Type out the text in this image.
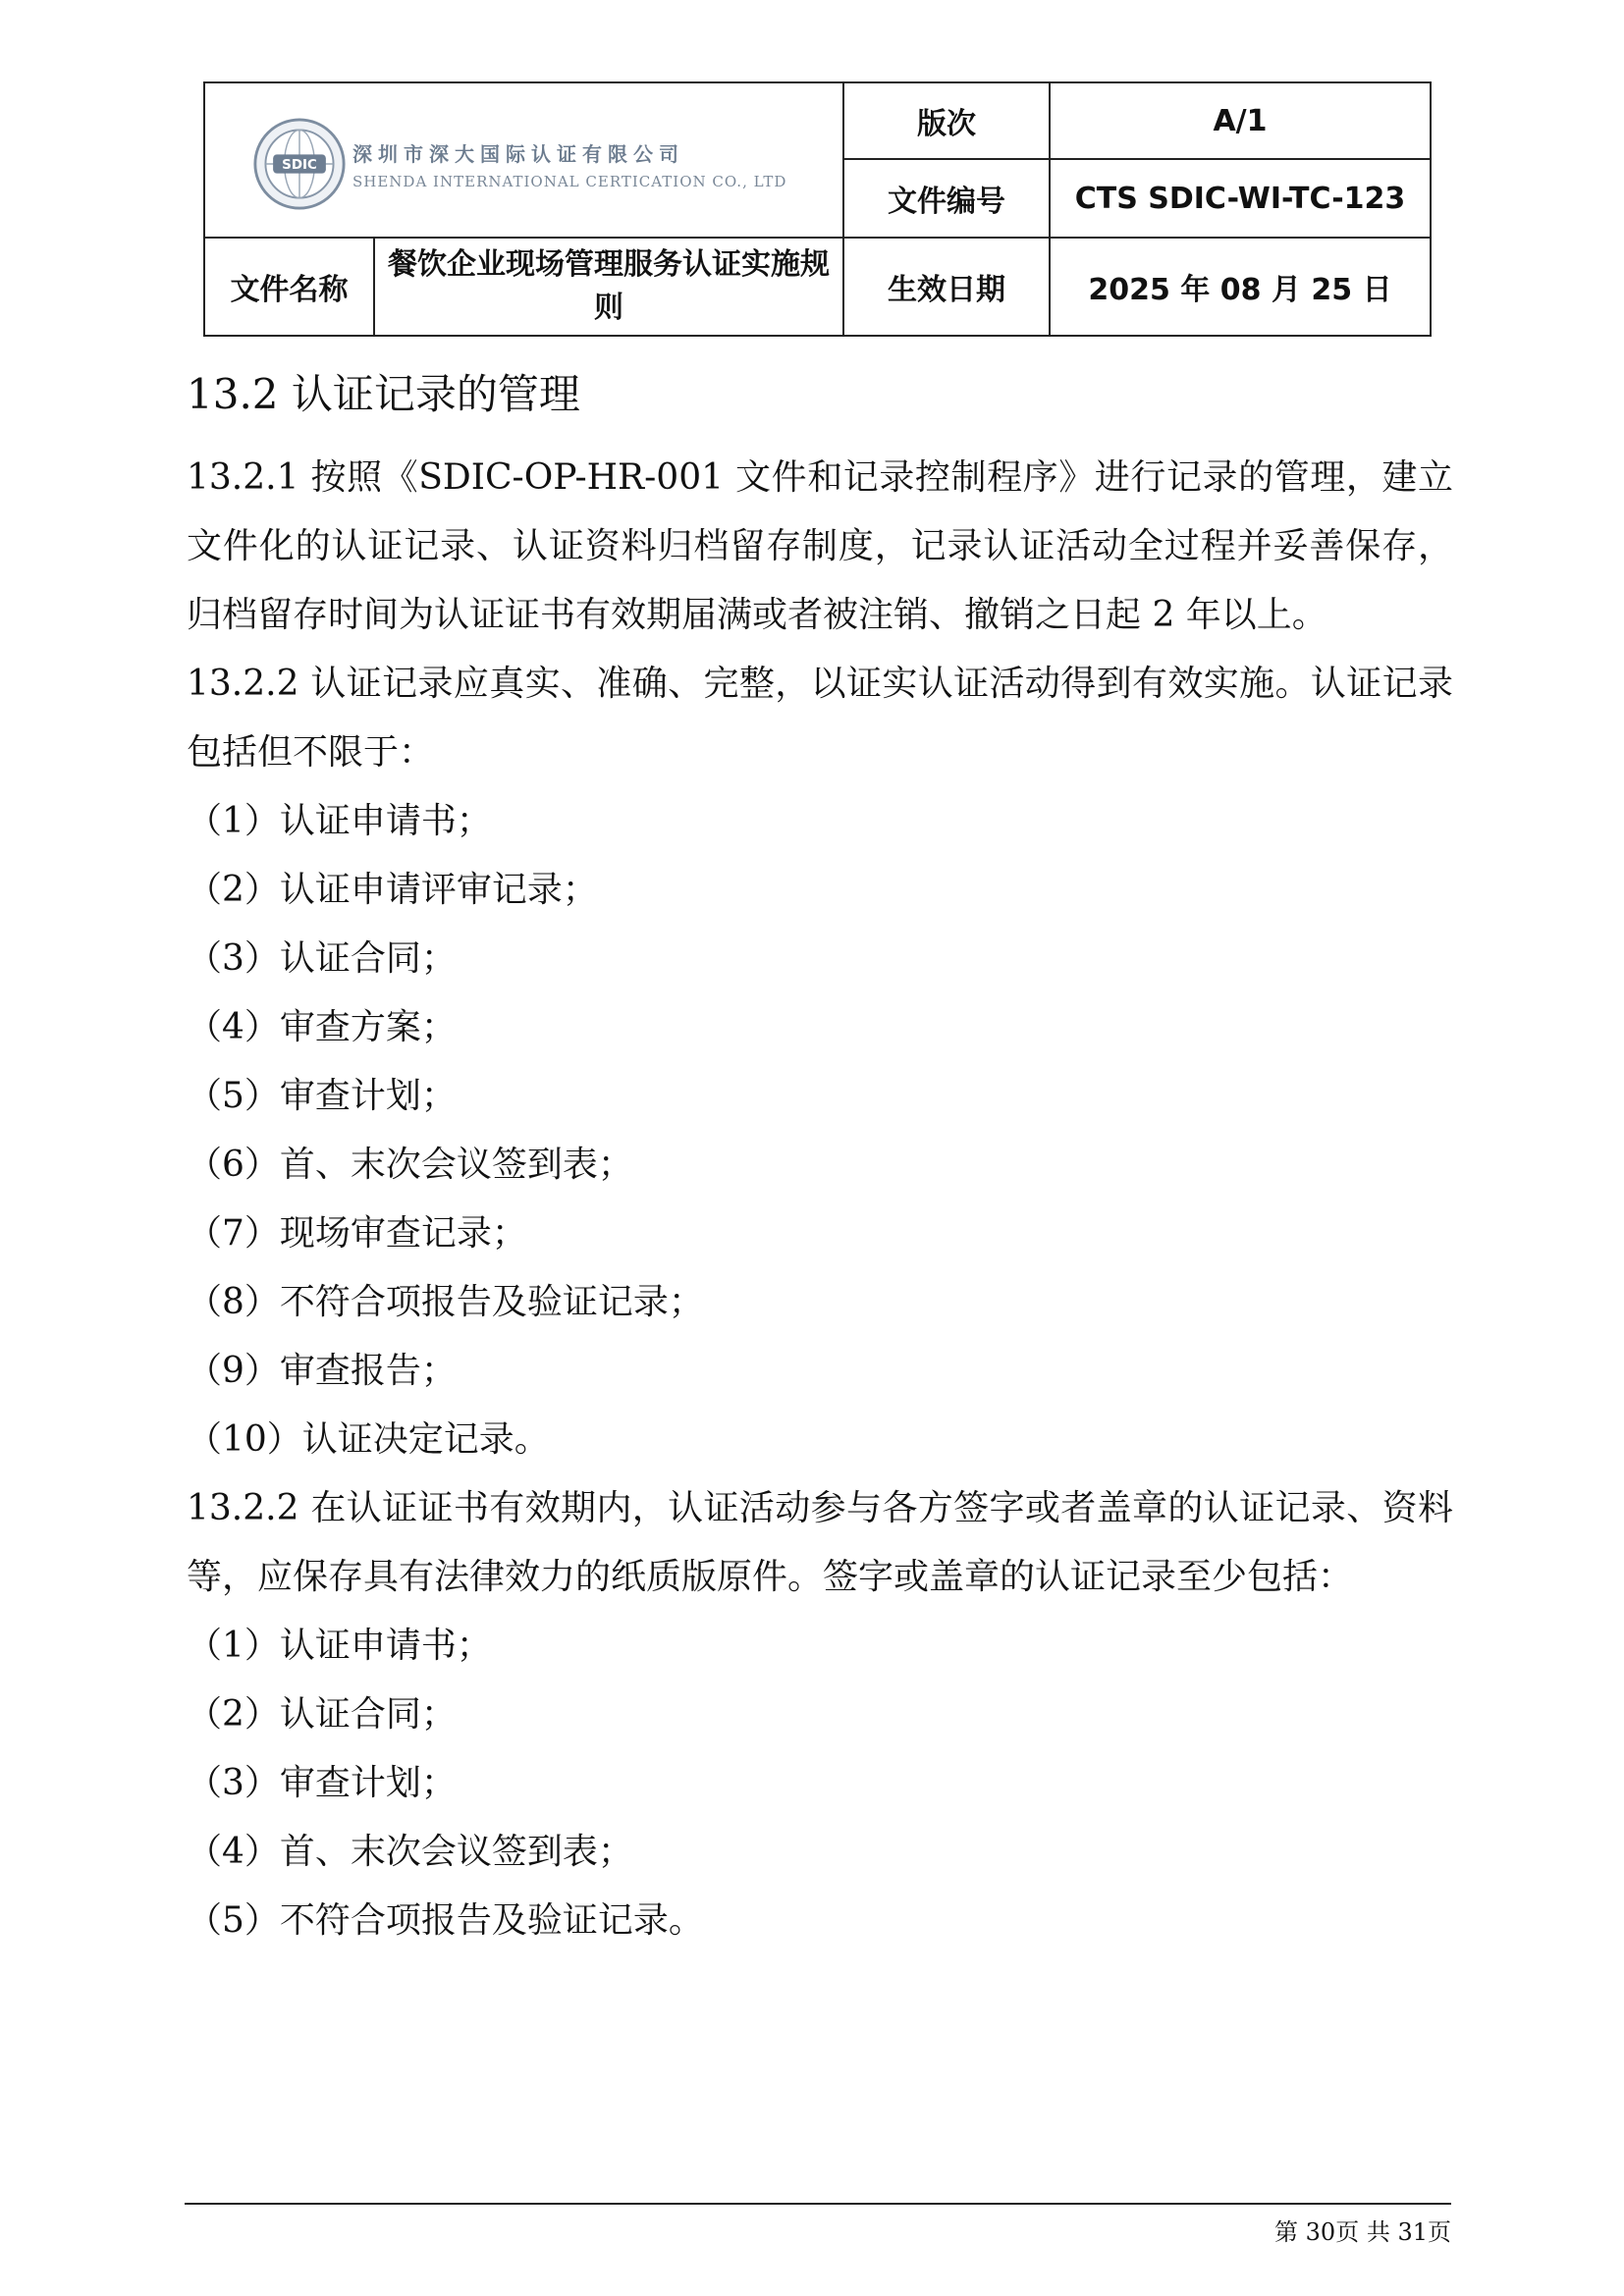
SDIC 深圳市深大国际认证有限公司
SHENDA INTERNATIONAL CERTICATION CO., LTD		版次	A/1
		文件编号	CTS SDIC-WI-TC-123
文件名称	餐饮企业现场管理服务认证实施规则	生效日期	2025 年 08 月 25 日
13.2 认证记录的管理
13.2.1 按照《SDIC-OP-HR-001 文件和记录控制程序》进行记录的管理，建立文件化的认证记录、认证资料归档留存制度，记录认证活动全过程并妥善保存，归档留存时间为认证证书有效期届满或者被注销、撤销之日起 2 年以上。
13.2.2 认证记录应真实、准确、完整，以证实认证活动得到有效实施。认证记录包括但不限于：
（1）认证申请书；
（2）认证申请评审记录；
（3）认证合同；
（4）审查方案；
（5）审查计划；
（6）首、末次会议签到表；
（7）现场审查记录；
（8）不符合项报告及验证记录；
（9）审查报告；
（10）认证决定记录。
13.2.2 在认证证书有效期内，认证活动参与各方签字或者盖章的认证记录、资料等，应保存具有法律效力的纸质版原件。签字或盖章的认证记录至少包括：
（1）认证申请书；
（2）认证合同；
（3）审查计划；
（4）首、末次会议签到表；
（5）不符合项报告及验证记录。
第 30页 共 31页
